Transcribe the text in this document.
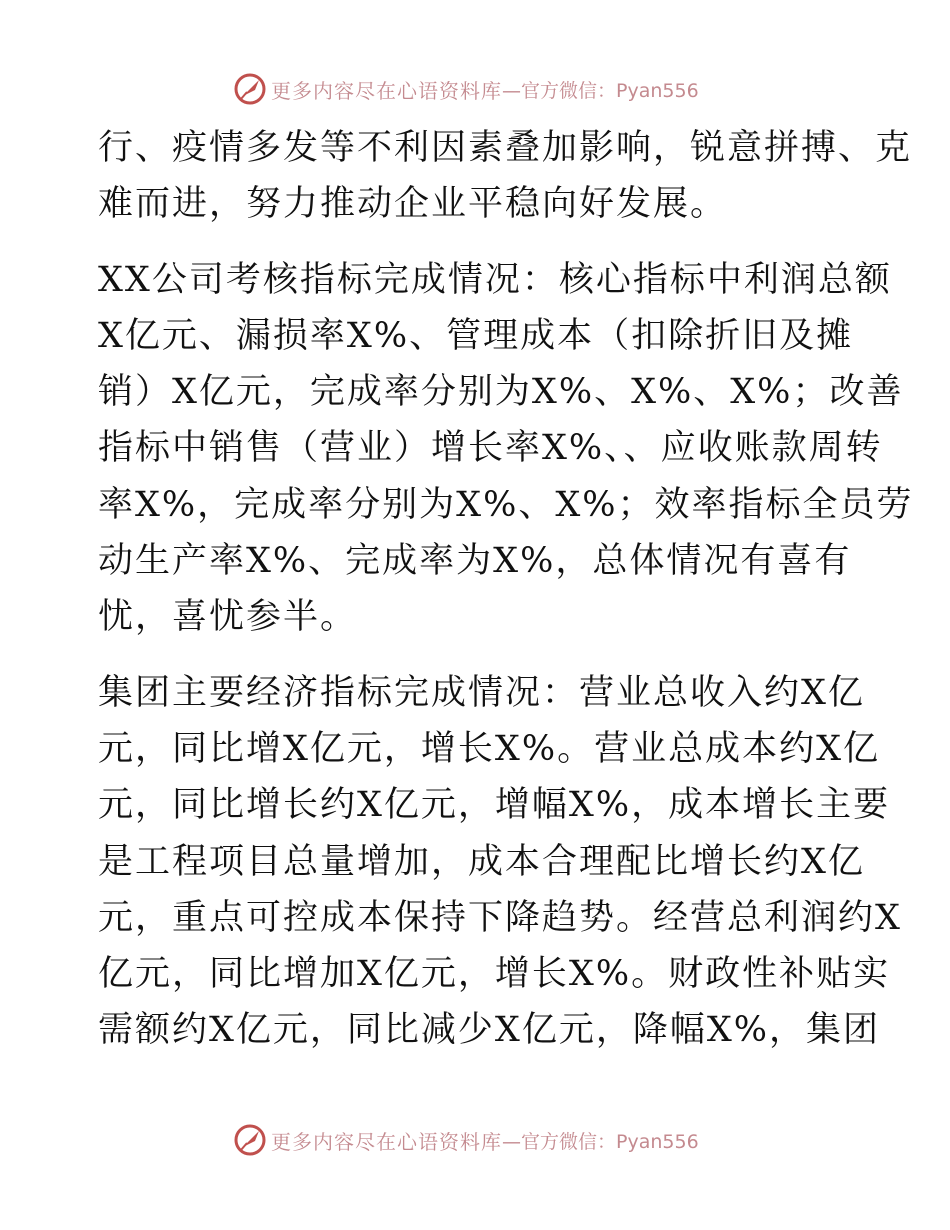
更多内容尽在心语资料库 —官方微信：Pyan556

行、疫情多发等不利因素叠加影响，锐意拼搏、克
难而进，努力推动企业平稳向好发展。

XX公司考核指标完成情况：核心指标中利润总额
X亿元、漏损率X%、管理成本（扣除折旧及摊
销）X亿元，完成率分别为X%、X%、X%；改善
指标中销售（营业）增长率X%、、应收账款周转
率X%，完成率分别为X%、X%；效率指标全员劳
动生产率X%、完成率为X%，总体情况有喜有
忧，喜忧参半。

集团主要经济指标完成情况：营业总收入约X亿
元，同比增X亿元，增长X%。营业总成本约X亿
元，同比增长约X亿元，增幅X%，成本增长主要
是工程项目总量增加，成本合理配比增长约X亿
元，重点可控成本保持下降趋势。经营总利润约X
亿元，同比增加X亿元，增长X%。财政性补贴实
需额约X亿元，同比减少X亿元，降幅X%，集团

更多内容尽在心语资料库 —官方微信：Pyan556
